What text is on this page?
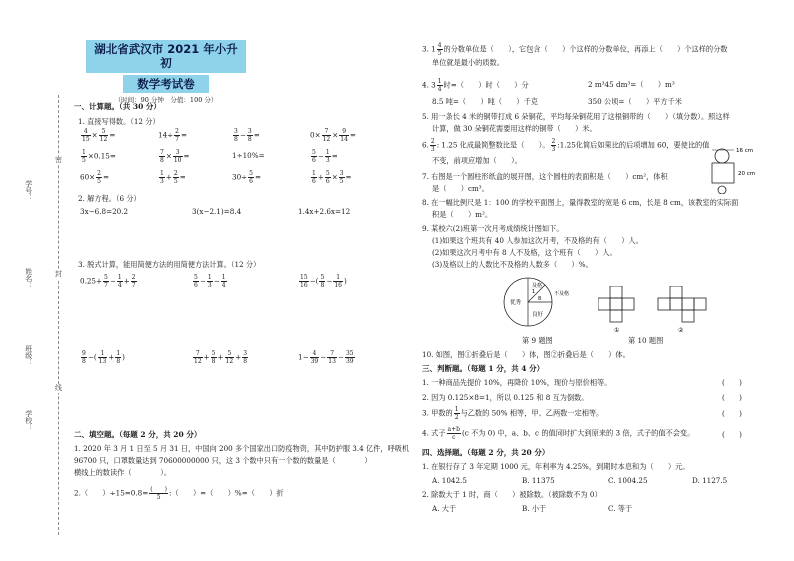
密
封
线
学号：
姓名：
班级：
学校：
湖北省武汉市 2021 年小升初
数学考试卷
（时间：90 分钟　分值：100 分）
一、计算题。（共 30 分）
1. 直接写得数。（12 分）
$\frac{4}{15} \times \frac{5}{12}$ =	$14\div \frac{2}{7}$ =	$\frac{3}{8} - \frac{3}{8}$ =	$0\times \frac{7}{12} \times \frac{9}{14}$ =
$\frac{1}{5} \times 0.15=$	$\frac{7}{8} \times \frac{3}{10}$ =	1÷10%=	$\frac{5}{6} - \frac{1}{3}$ =
$60\times \frac{2}{5}$ =	$\frac{1}{3} + \frac{2}{5}$ =	$30\div \frac{5}{6}$ =	$\frac{1}{6} + \frac{5}{6} \times \frac{3}{5}$ =
2. 解方程。（6 分）
3x−6.8=20.2	3(x−2.1)=8.4	1.4x+2.6x=12
3. 脱式计算，能用简便方法的用简便方法计算。（12 分）
$0.25+ \frac{5}{7} - \frac{1}{4} + \frac{2}{7}$	$\frac{5}{6} - \frac{1}{3} - \frac{1}{4}$	$\frac{15}{16}$ −( $\frac{5}{8} - \frac{1}{16}$ )
$\frac{9}{8}$ −( $\frac{1}{13} + \frac{1}{8}$ )	$\frac{7}{12} + \frac{5}{8} + \frac{5}{12} + \frac{3}{8}$	$1- \frac{4}{39} - \frac{7}{13} - \frac{35}{39}$
二、填空题。（每题 2 分，共 20 分）
1. 2020 年 3 月 1 日至 5 月 31 日，中国向 200 多个国家出口防疫物资，其中防护服 3.4 亿件，呼吸机
96700 只，口罩数量达到 70600000000 只，这 3 个数中只有一个数的数量是（　　　　）
横线上的数读作（　　　　）。
2.（　　）$\div 15=0.8= \frac{( )}{5}$ :（　　）=（　　）%=（　　）折
3. $1 \frac{4}{5}$ 的分数单位是（　　），它包含（　　）个这样的分数单位，再添上（　　）个这样的分数
单位就是最小的质数。
4. $3 \frac{1}{4}$ 时=（　　）时（　　）分	2 m³45 dm³=（　　）m³
8.5 吨=（　　）吨（　　）千克	350 公顷=（　　）平方千米
5. 用一条长 4 米的铜带打成 6 朵铜花，平均每朵铜花用了这根铜带的（　　）（填分数）。照这样
计算，做 30 朵铜花需要用这样的铜带（　　）米。
6. $\frac{2}{3}$ : 1.25 化成最简整数比是（　　）。 $\frac{2}{3}$ :1.25化简后如果比的后项增加 60，要使比的值
不变，前项应增加（　　）。
16 cm
20 cm
7. 右图是一个圆柱形纸盒的展开图，这个圆柱的表面积是（　　）cm²，体积
是（　　）cm³。
8. 在一幅比例尺是 1：100 的学校平面图上，量得教室的宽是 6 cm，长是 8 cm，该教室的实际面
积是（　　）m²。
9. 某校六(2)班第一次月考成绩统计图如下。
(1)如果这个班共有 40 人参加这次月考，不及格的有（　　）人。
(2)如果这次月考中有 8 人不及格，这个班有（　　）人。
(3)及格以上的人数比不及格的人数多（　　）%。
及格
1	不及格
优秀
良好
8
第 9 题图
①	②
第 10 题图
10. 如图，图①折叠后是（　　）体，图②折叠后是（　　）体。
三、判断题。（每题 1 分，共 4 分）
1. 一种商品先提价 10%，再降价 10%，现价与原价相等。	(　　)
2. 因为 0.125×8=1，所以 0.125 和 8 互为倒数。	(　　)
3. 甲数的 $\frac{1}{2}$ 与乙数的 50% 相等，甲、乙两数一定相等。	(　　)
4. 式子 $\frac{a+b}{c} (c$ 不为 0) 中，a、b、c 的值同时扩大到原来的 3 倍，式子的值不会变。	(　　)
四、选择题。（每题 2 分，共 20 分）
1. 在银行存了 3 年定期 1000 元，年利率为 4.25%，到期时本息和为（　　）元。
A. 1042.5	B. 11375	C. 1004.25	D. 1127.5
2. 除数大于 1 时，商（　　）被除数。（被除数不为 0）
A. 大于	B. 小于	C. 等于
